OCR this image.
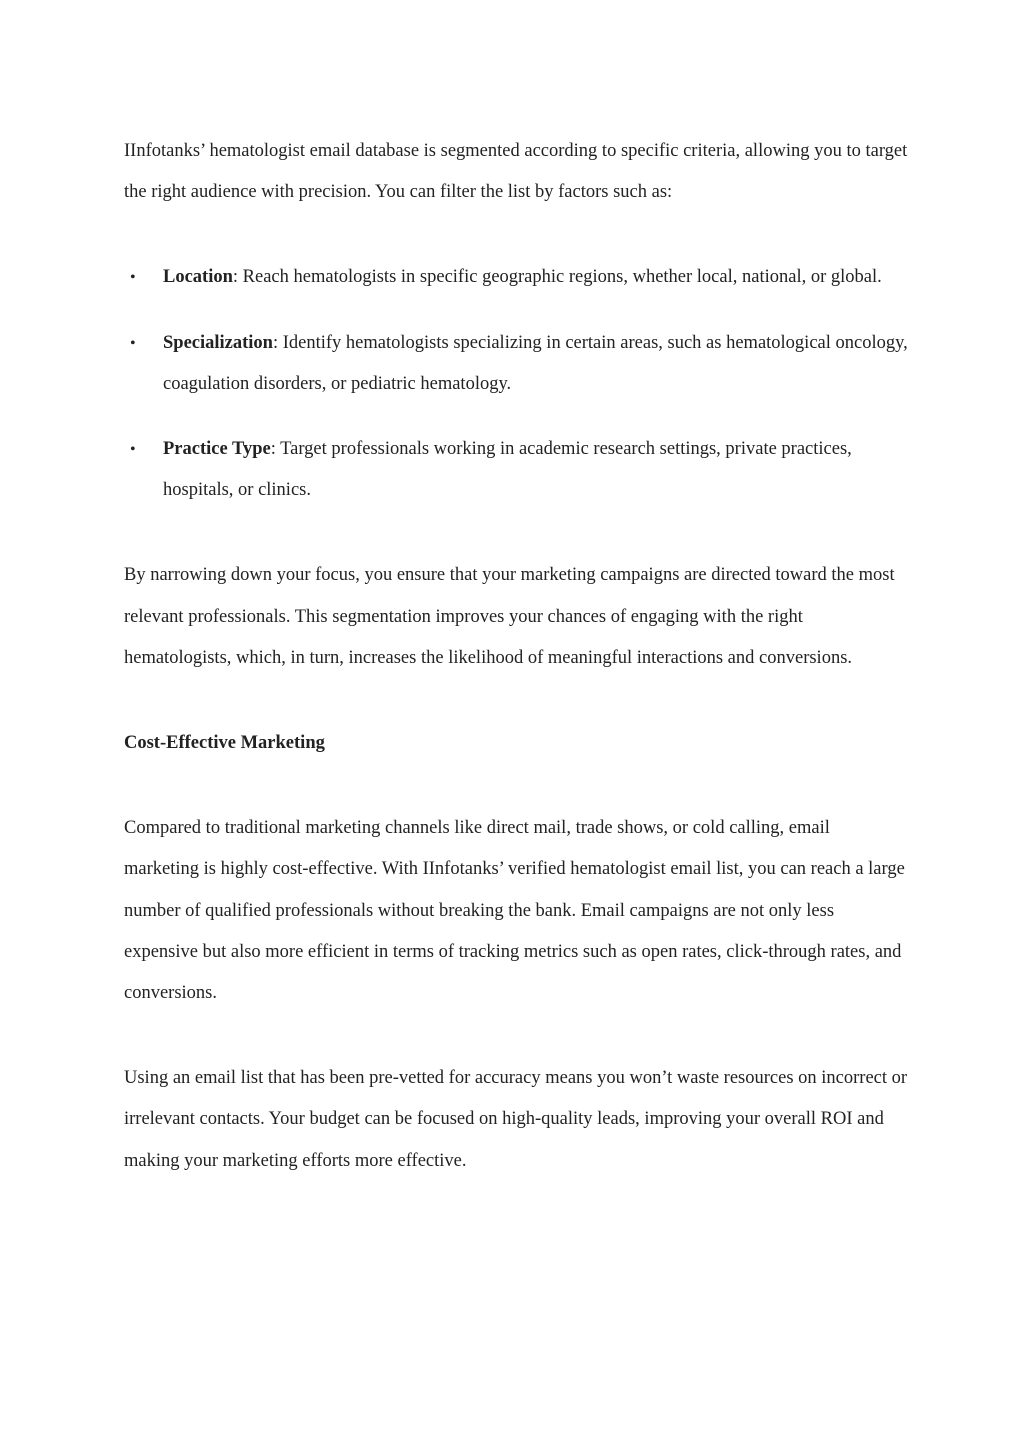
IInfotanks’ hematologist email database is segmented according to specific criteria, allowing you to target the right audience with precision. You can filter the list by factors such as:

• Location: Reach hematologists in specific geographic regions, whether local, national, or global.
• Specialization: Identify hematologists specializing in certain areas, such as hematological oncology, coagulation disorders, or pediatric hematology.
• Practice Type: Target professionals working in academic research settings, private practices, hospitals, or clinics.

By narrowing down your focus, you ensure that your marketing campaigns are directed toward the most relevant professionals. This segmentation improves your chances of engaging with the right hematologists, which, in turn, increases the likelihood of meaningful interactions and conversions.

Cost-Effective Marketing

Compared to traditional marketing channels like direct mail, trade shows, or cold calling, email marketing is highly cost-effective. With IInfotanks’ verified hematologist email list, you can reach a large number of qualified professionals without breaking the bank. Email campaigns are not only less expensive but also more efficient in terms of tracking metrics such as open rates, click-through rates, and conversions.

Using an email list that has been pre-vetted for accuracy means you won’t waste resources on incorrect or irrelevant contacts. Your budget can be focused on high-quality leads, improving your overall ROI and making your marketing efforts more effective.
